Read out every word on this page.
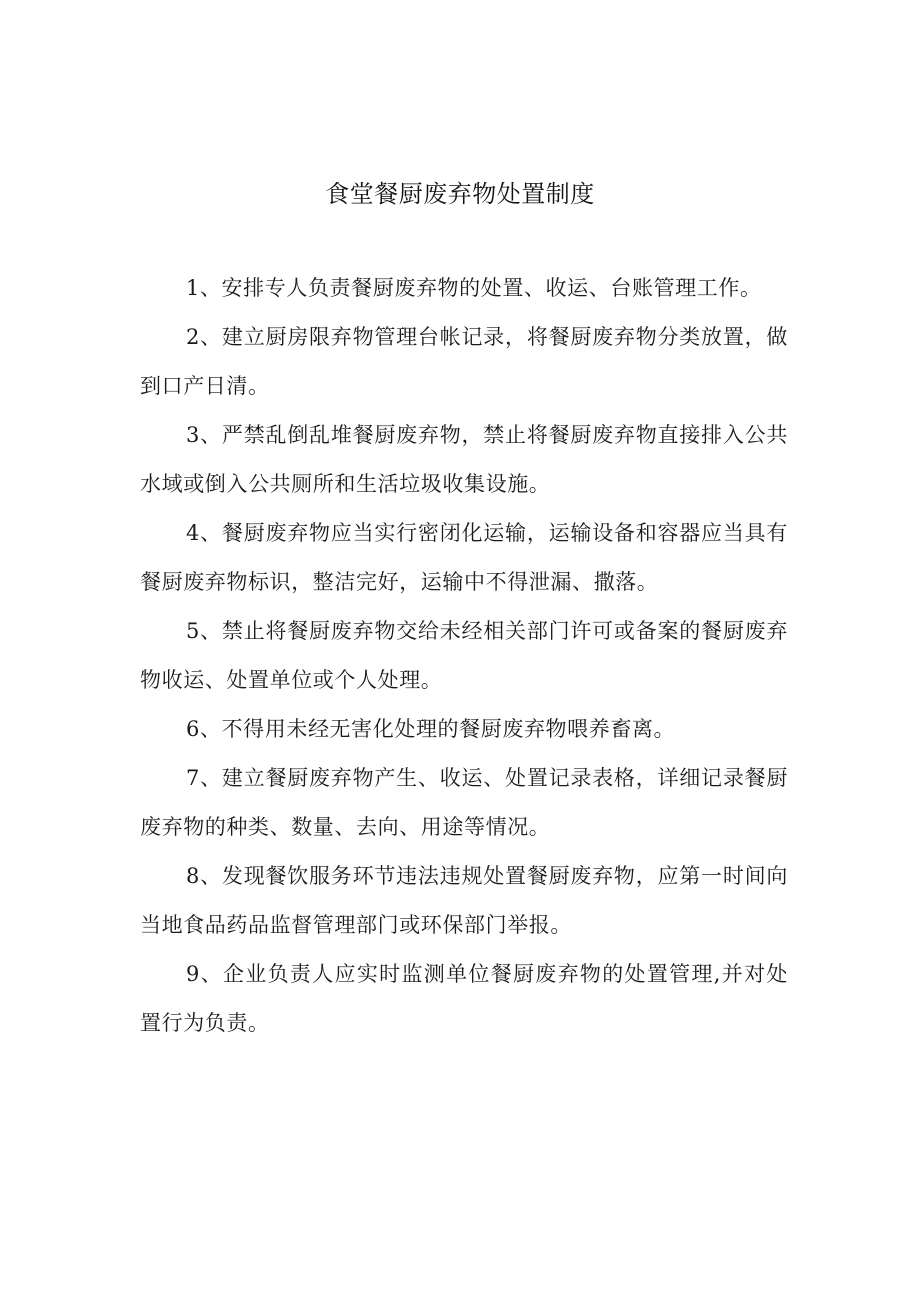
食堂餐厨废弃物处置制度
1、安排专人负责餐厨废弃物的处置、收运、台账管理工作。
2、建立厨房限弃物管理台帐记录，将餐厨废弃物分类放置，做到口产日清。
3、严禁乱倒乱堆餐厨废弃物，禁止将餐厨废弃物直接排入公共水域或倒入公共厕所和生活垃圾收集设施。
4、餐厨废弃物应当实行密闭化运输，运输设备和容器应当具有餐厨废弃物标识，整洁完好，运输中不得泄漏、撒落。
5、禁止将餐厨废弃物交给未经相关部门许可或备案的餐厨废弃物收运、处置单位或个人处理。
6、不得用未经无害化处理的餐厨废弃物喂养畜离。
7、建立餐厨废弃物产生、收运、处置记录表格，详细记录餐厨废弃物的种类、数量、去向、用途等情况。
8、发现餐饮服务环节违法违规处置餐厨废弃物，应第一时间向当地食品药品监督管理部门或环保部门举报。
9、企业负责人应实时监测单位餐厨废弃物的处置管理,并对处置行为负责。
